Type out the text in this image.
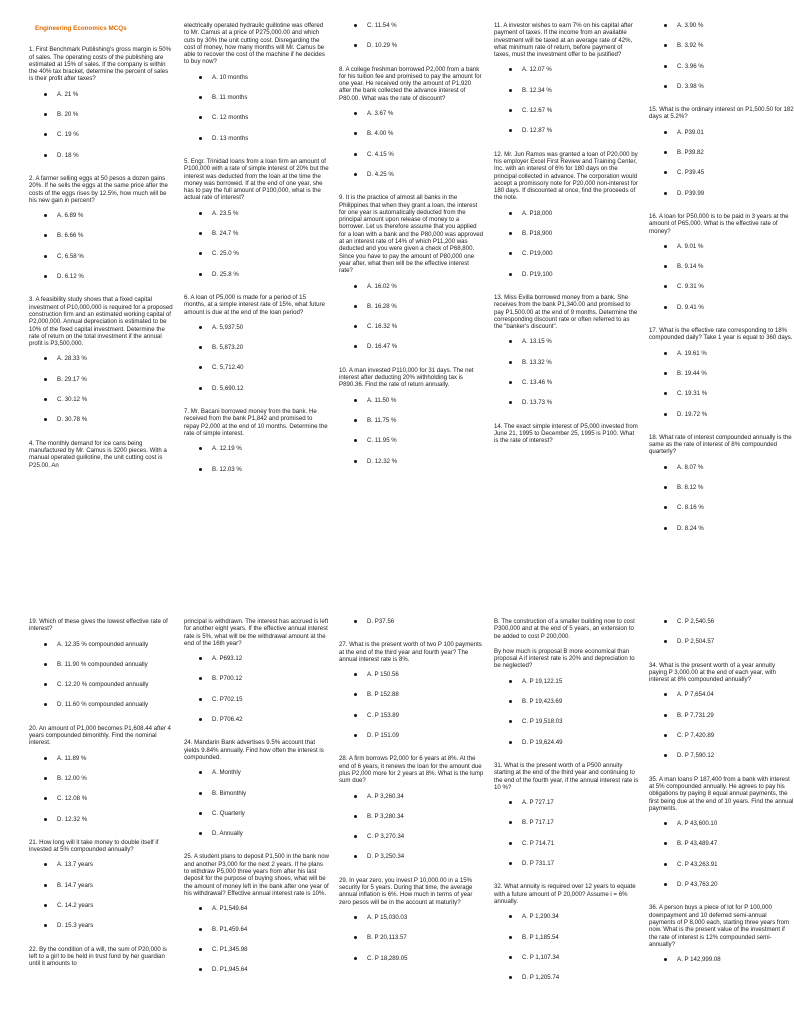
Engineering Economics MCQs
1. First Benchmark Publishing's gross margin is 50% of sales. The operating costs of the publishing are estimated at 15% of sales. If the company is within the 40% tax bracket, determine the percent of sales is their profit after taxes?
A. 21 %
B. 20 %
C. 19 %
D. 18 %
2. A farmer selling eggs at 50 pesos a dozen gains 20%. If he sells the eggs at the same price after the costs of the eggs rises by 12.5%, how much will be his new gain in percent?
A. 6.89 %
B. 6.66 %
C. 6.58 %
D. 6.12 %
3. A feasibility study shows that a fixed capital investment of P10,000,000 is required for a proposed construction firm and an estimated working capital of P2,000,000. Annual depreciation is estimated to be 10% of the fixed capital investment. Determine the rate of return on the total investment if the annual profit is P3,500,000.
A. 28.33 %
B. 29.17 %
C. 30.12 %
D. 30.78 %
4. The monthly demand for ice cans being manufactured by Mr. Camus is 3200 pieces. With a manual operated guillotine, the unit cutting cost is P25.00. An
electrically operated hydraulic guillotine was offered to Mr. Camus at a price of P275,000.00 and which cuts by 30% the unit cutting cost. Disregarding the cost of money, how many months will Mr. Camus be able to recover the cost of the machine if he decides to buy now?
A. 10 months
B. 11 months
C. 12 months
D. 13 months
5. Engr. Trinidad loans from a loan firm an amount of P100,000 with a rate of simple interest of 20% but the interest was deducted from the loan at the time the money was borrowed. If at the end of one year, she has to pay the full amount of P100,000, what is the actual rate of interest?
A. 23.5 %
B. 24.7 %
C. 25.0 %
D. 25.8 %
6. A loan of P5,000 is made for a period of 15 months, at a simple interest rate of 15%, what future amount is due at the end of the loan period?
A. 5,937.50
B. 5,873.20
C. 5,712.40
D. 5,690.12
7. Mr. Bacani borrowed money from the bank. He received from the bank P1,842 and promised to repay P2,000 at the end of 10 months. Determine the rate of simple interest.
A. 12.19 %
B. 12.03 %
C. 11.54 %
D. 10.29 %
8. A college freshman borrowed P2,000 from a bank for his tuition fee and promised to pay the amount for one year. He received only the amount of P1,920 after the bank collected the advance interest of P80.00. What was the rate of discount?
A. 3.67 %
B. 4.00 %
C. 4.15 %
D. 4.25 %
9. It is the practice of almost all banks in the Philippines that when they grant a loan, the interest for one year is automatically deducted from the principal amount upon release of money to a borrower. Let us therefore assume that you applied for a loan with a bank and the P80,000 was approved at an interest rate of 14% of which P11,200 was deducted and you were given a check of P68,800. Since you have to pay the amount of P80,000 one year after, what then will be the effective interest rate?
A. 16.02 %
B. 16.28 %
C. 16.32 %
D. 16.47 %
10. A man invested P110,000 for 31 days. The net interest after deducting 20% withholding tax is P890.36. Find the rate of return annually.
A. 11.50 %
B. 11.75 %
C. 11.95 %
D. 12.32 %
11. A investor wishes to earn 7% on his capital after payment of taxes. If the income from an available investment will be taxed at an average rate of 42%, what minimum rate of return, before payment of taxes, must the investment offer to be justified?
A. 12.07 %
B. 12.34 %
C. 12.67 %
D. 12.87 %
12. Mr. Jun Ramos was granted a loan of P20,000 by his employer Excel First Review and Training Center, Inc. with an interest of 6% for 180 days on the principal collected in advance. The corporation would accept a promissory note for P20,000 non-interest for 180 days. If discounted at once, find the proceeds of the note.
A. P18,000
B. P18,900
C. P19,000
D. P19,100
13. Miss Evilla borrowed money from a bank. She receives from the bank P1,340.00 and promised to pay P1,500.00 at the end of 9 months. Determine the corresponding discount rate or often referred to as the "banker's discount".
A. 13.15 %
B. 13.32 %
C. 13.46 %
D. 13.73 %
14. The exact simple interest of P5,000 invested from June 21, 1995 to December 25, 1995 is P100. What is the rate of interest?
A. 3.90 %
B. 3.92 %
C. 3.96 %
D. 3.98 %
15. What is the ordinary interest on P1,500.50 for 182 days at 5.2%?
A. P39.01
B. P39.82
C. P39.45
D. P39.99
16. A loan for P50,000 is to be paid in 3 years at the amount of P65,000. What is the effective rate of money?
A. 9.01 %
B. 9.14 %
C. 9.31 %
D. 9.41 %
17. What is the effective rate corresponding to 18% compounded daily? Take 1 year is equal to 360 days.
A. 19.61 %
B. 19.44 %
C. 19.31 %
D. 19.72 %
18. What rate of interest compounded annually is the same as the rate of interest of 8% compounded quarterly?
A. 8.07 %
B. 8.12 %
C. 8.16 %
D. 8.24 %
19. Which of these gives the lowest effective rate of interest?
A. 12.35 % compounded annually
B. 11.90 % compounded annually
C. 12.20 % compounded annually
D. 11.60 % compounded annually
20. An amount of P1,000 becomes P1,608.44 after 4 years compounded bimonthly. Find the nominal interest.
A. 11.89 %
B. 12.00 %
C. 12.08 %
D. 12.32 %
21. How long will it take money to double itself if invested at 5% compounded annually?
A. 13.7 years
B. 14.7 years
C. 14.2 years
D. 15.3 years
22. By the condition of a will, the sum of P20,000 is left to a girl to be held in trust fund by her guardian until it amounts to
principal is withdrawn. The interest has accrued is left for another eight years. If the effective annual interest rate is 5%, what will be the withdrawal amount at the end of the 16th year?
A. P693.12
B. P700.12
C. P702.15
D. P706.42
24. Mandarin Bank advertises 9.5% account that yields 9.84% annually. Find how often the interest is compounded.
A. Monthly
B. Bimonthly
C. Quarterly
D. Annually
25. A student plans to deposit P1,500 in the bank now and another P3,000 for the next 2 years. If he plans to withdraw P5,000 three years from after his last deposit for the purpose of buying shoes, what will be the amount of money left in the bank after one year of his withdrawal? Effective annual interest rate is 10%.
A. P1,549.64
B. P1,459.64
C. P1,345.98
D. P1,945.64
D. P37.56
27. What is the present worth of two P 100 payments at the end of the third year and fourth year? The annual interest rate is 8%.
A. P 150.56
B. P 152.88
C. P 153.89
D. P 151.09
28. A firm borrows P2,000 for 6 years at 8%. At the end of 6 years, it renews the loan for the amount due plus P2,000 more for 2 years at 8%. What is the lump sum due?
A. P 3,260.34
B. P 3,280.34
C. P 3,270.34
D. P 3,250.34
29. In year zero, you invest P 10,000.00 in a 15% security for 5 years. During that time, the average annual inflation is 6%. How much in terms of year zero pesos will be in the account at maturity?
A. P 15,030.03
B. P 20,113.57
C. P 18,289.05
B. The construction of a smaller building now to cost P300,000 and at the end of 5 years, an extension to be added to cost P 200,000.
By how much is proposal B more economical than proposal A if interest rate is 20% and depreciation to be neglected?
A. P 19,122.15
B. P 19,423.69
C. P 19,518.03
D. P 19,624.49
31. What is the present worth of a P500 annuity starting at the end of the third year and continuing to the end of the fourth year, if the annual interest rate is 10 %?
A. P 727.17
B. P 717.17
C. P 714.71
D. P 731.17
32. What annuity is required over 12 years to equate with a future amount of P 20,000? Assume i = 6% annually.
A. P 1,290.34
B. P 1,185.54
C. P 1,107.34
D. P 1,205.74
C. P 2,540.56
D. P 2,504.57
34. What is the present worth of a year annuity paying P 3,000.00 at the end of each year, with interest at 8% compounded annually?
A. P 7,654.04
B. P 7,731.29
C. P 7,420.89
D. P 7,590.12
35. A man loans P 187,400 from a bank with interest at 5% compounded annually. He agrees to pay his obligations by paying 8 equal annual payments, the first being due at the end of 10 years. Find the annual payments.
A. P 43,600.10
B. P 43,489.47
C. P 43,263.91
D. P 43,763.20
36. A person buys a piece of lot for P 100,000 downpayment and 10 deferred semi-annual payments of P 8,000 each, starting three years from now. What is the present value of the investment if the rate of interest is 12% compounded semi-annually?
A. P 142,999.08
